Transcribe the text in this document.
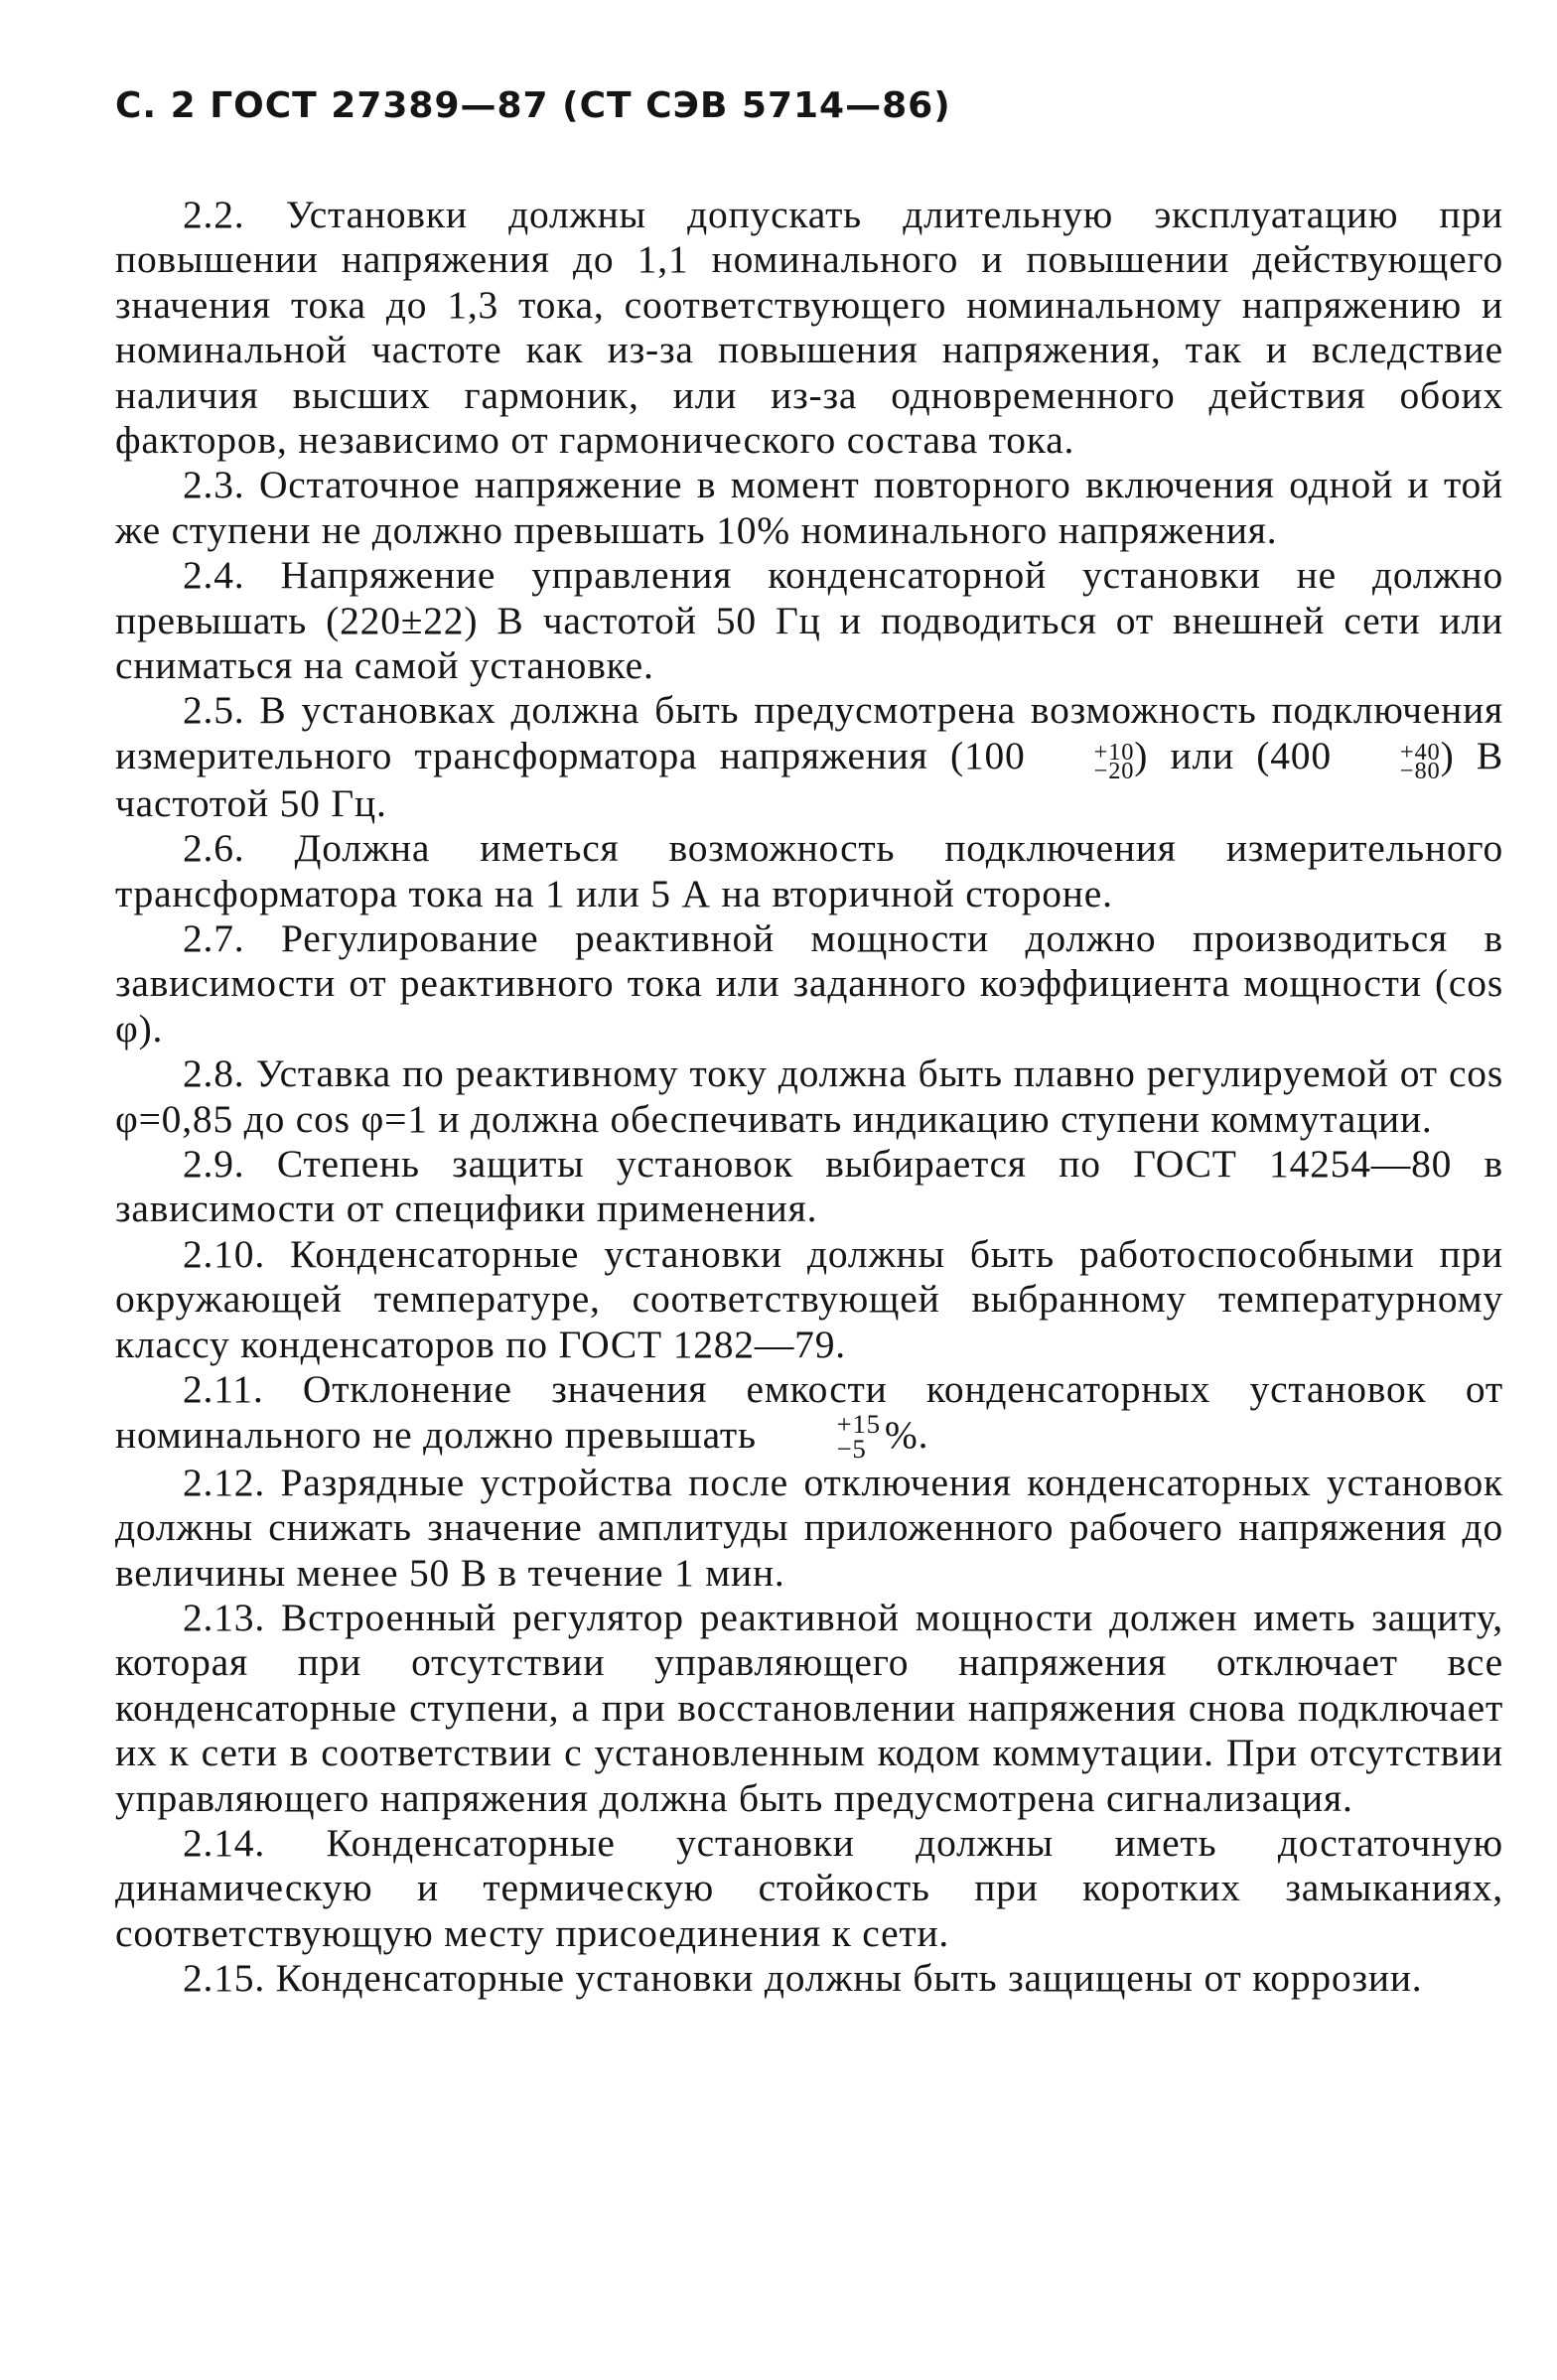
С. 2 ГОСТ 27389—87 (СТ СЭВ 5714—86)

2.2. Установки должны допускать длительную эксплуатацию при повышении напряжения до 1,1 номинального и повышении действующего значения тока до 1,3 тока, соответствующего номинальному напряжению и номинальной частоте как из-за повышения напряжения, так и вследствие наличия высших гармоник, или из-за одновременного действия обоих факторов, независимо от гармонического состава тока.

2.3. Остаточное напряжение в момент повторного включения одной и той же ступени не должно превышать 10% номинального напряжения.

2.4. Напряжение управления конденсаторной установки не должно превышать (220±22) В частотой 50 Гц и подводиться от внешней сети или сниматься на самой установке.

2.5. В установках должна быть предусмотрена возможность подключения измерительного трансформатора напряжения (100	+10
−20 ) или (400	+40
−80 ) В частотой 50 Гц.

2.6. Должна иметься возможность подключения измерительного трансформатора тока на 1 или 5 А на вторичной стороне.

2.7. Регулирование реактивной мощности должно производиться в зависимости от реактивного тока или заданного коэффициента мощности (cos φ).

2.8. Уставка по реактивному току должна быть плавно регулируемой от cos φ=0,85 до cos φ=1 и должна обеспечивать индикацию ступени коммутации.

2.9. Степень защиты установок выбирается по ГОСТ 14254—80 в зависимости от специфики применения.

2.10. Конденсаторные установки должны быть работоспособными при окружающей температуре, соответствующей выбранному температурному классу конденсаторов по ГОСТ 1282—79.

2.11. Отклонение значения емкости конденсаторных установок от номинального не должно превышать	+15
−5 %.

2.12. Разрядные устройства после отключения конденсаторных установок должны снижать значение амплитуды приложенного рабочего напряжения до величины менее 50 В в течение 1 мин.

2.13. Встроенный регулятор реактивной мощности должен иметь защиту, которая при отсутствии управляющего напряжения отключает все конденсаторные ступени, а при восстановлении напряжения снова подключает их к сети в соответствии с установленным кодом коммутации. При отсутствии управляющего напряжения должна быть предусмотрена сигнализация.

2.14. Конденсаторные установки должны иметь достаточную динамическую и термическую стойкость при коротких замыканиях, соответствующую месту присоединения к сети.

2.15. Конденсаторные установки должны быть защищены от коррозии.
